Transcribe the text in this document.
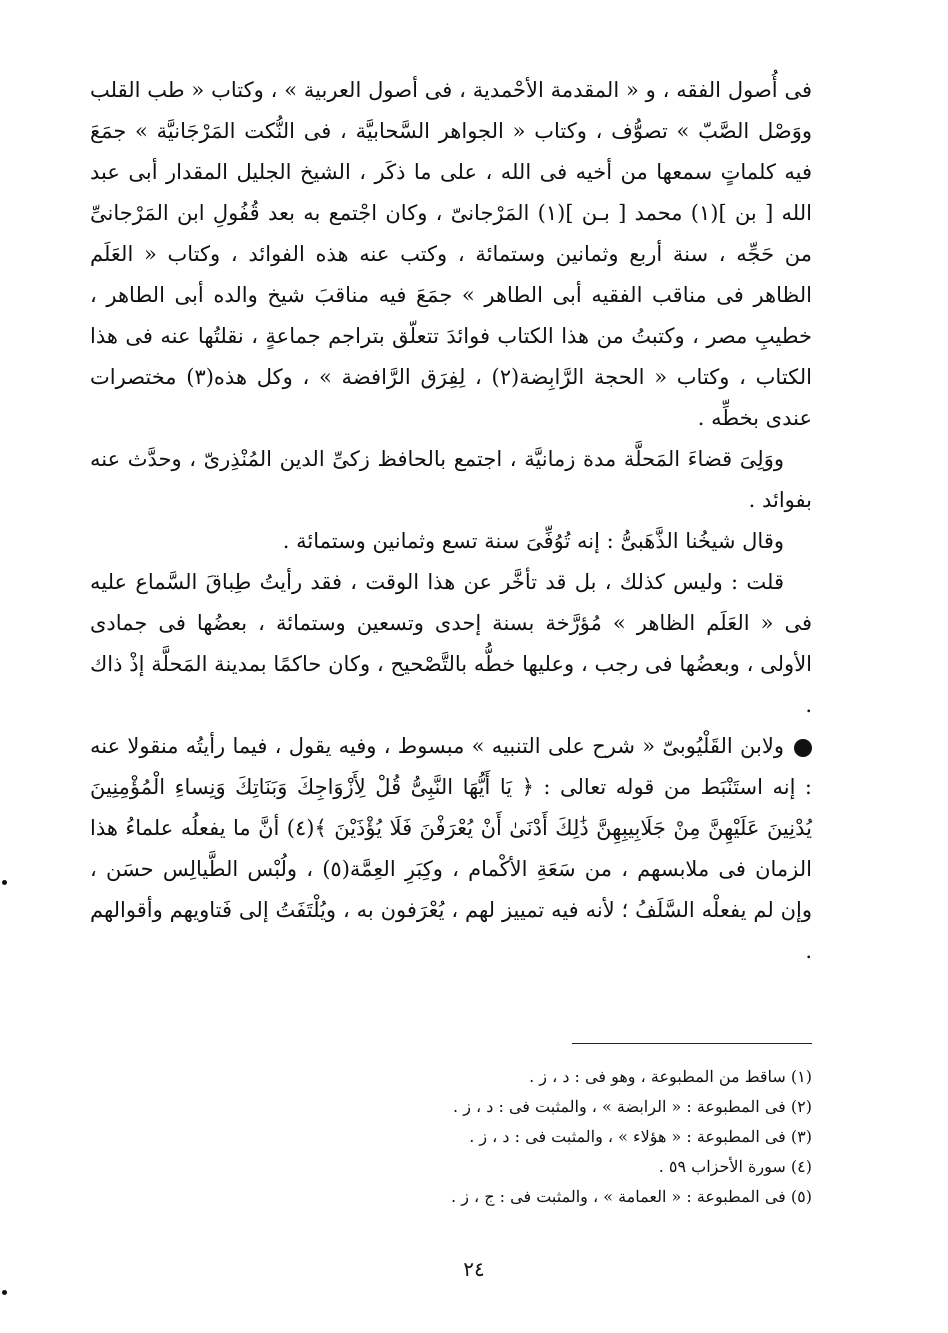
فى أُصول الفقه ، و « المقدمة الأحْمدية ، فى أصول العربية » ، وكتاب « طب القلب ووَصْل الصَّبّ » تصوُّف ، وكتاب « الجواهر السَّحابيَّة ، فى النُّكت المَرْجَانيَّة » جمَعَ فيه كلماتٍ سمعها من أخيه فى الله ، على ما ذكَر ، الشيخ الجليل المقدار أبى عبد الله [ بن ](١) محمد [ بـن ](١) المَرْجانىّ ، وكان اجْتمع به بعد قُفُولِ ابن المَرْجانىِّ من حَجِّه ، سنة أربع وثمانين وستمائة ، وكتب عنه هذه الفوائد ، وكتاب « العَلَم الظاهر فى مناقب الفقيه أبى الطاهر » جمَعَ فيه مناقبَ شيخ والده أبى الطاهر ، خطيبِ مصر ، وكتبتُ من هذا الكتاب فوائدَ تتعلّق بتراجم جماعةٍ ، نقلتُها عنه فى هذا الكتاب ، وكتاب « الحجة الرَّابِضة(٢) ، لِفِرَق الرَّافضة » ، وكل هذه(٣) مختصرات عندى بخطِّه .

ووَلِىَ قضاءَ المَحلَّة مدة زمانيَّة ، اجتمع بالحافظ زكىِّ الدين المُنْذِرىّ ، وحدَّث عنه بفوائد .

وقال شيخُنا الذَّهَبىُّ : إنه تُوُفِّىَ سنة تسع وثمانين وستمائة .

قلت : وليس كذلك ، بل قد تأخَّر عن هذا الوقت ، فقد رأيتُ طِباقَ السَّماع عليه فى « العَلَم الظاهر » مُؤرَّخة بسنة إحدى وتسعين وستمائة ، بعضُها فى جمادى الأولى ، وبعضُها فى رجب ، وعليها خطُّه بالتَّصْحيح ، وكان حاكمًا بمدينة المَحلَّة إذْ ذاك .

ولابن القَلْيُوبىّ « شرح على التنبيه » مبسوط ، وفيه يقول ، فيما رأيتُه منقولا عنه : إنه استَنْبَط من قوله تعالى : ﴿ يَا أَيُّهَا النَّبِىُّ قُلْ لِأَزْوَاجِكَ وَبَنَاتِكَ وَنِساءِ الْمُؤْمِنِينَ يُدْنِينَ عَلَيْهِنَّ مِنْ جَلَابِيبِهِنَّ ذَٰلِكَ أَدْنَىٰ أَنْ يُعْرَفْنَ فَلَا يُؤْذَيْنَ ﴾(٤) أنَّ ما يفعلُه علماءُ هذا الزمان فى ملابسهم ، من سَعَةِ الأكْمام ، وكِبَرِ العِمَّة(٥) ، ولُبْس الطَّيالِس حسَن ، وإن لم يفعلْه السَّلَفُ ؛ لأنه فيه تمييز لهم ، يُعْرَفون به ، ويُلْتَفَتُ إلى فَتاويهم وأقوالهم .

(١) ساقط من المطبوعة ، وهو فى : د ، ز .

(٢) فى المطبوعة : « الرابضة » ، والمثبت فى : د ، ز .

(٣) فى المطبوعة : « هؤلاء » ، والمثبت فى : د ، ز .

(٤) سورة الأحزاب ٥٩ .

(٥) فى المطبوعة : « العمامة » ، والمثبت فى : ج ، ز .

٢٤
